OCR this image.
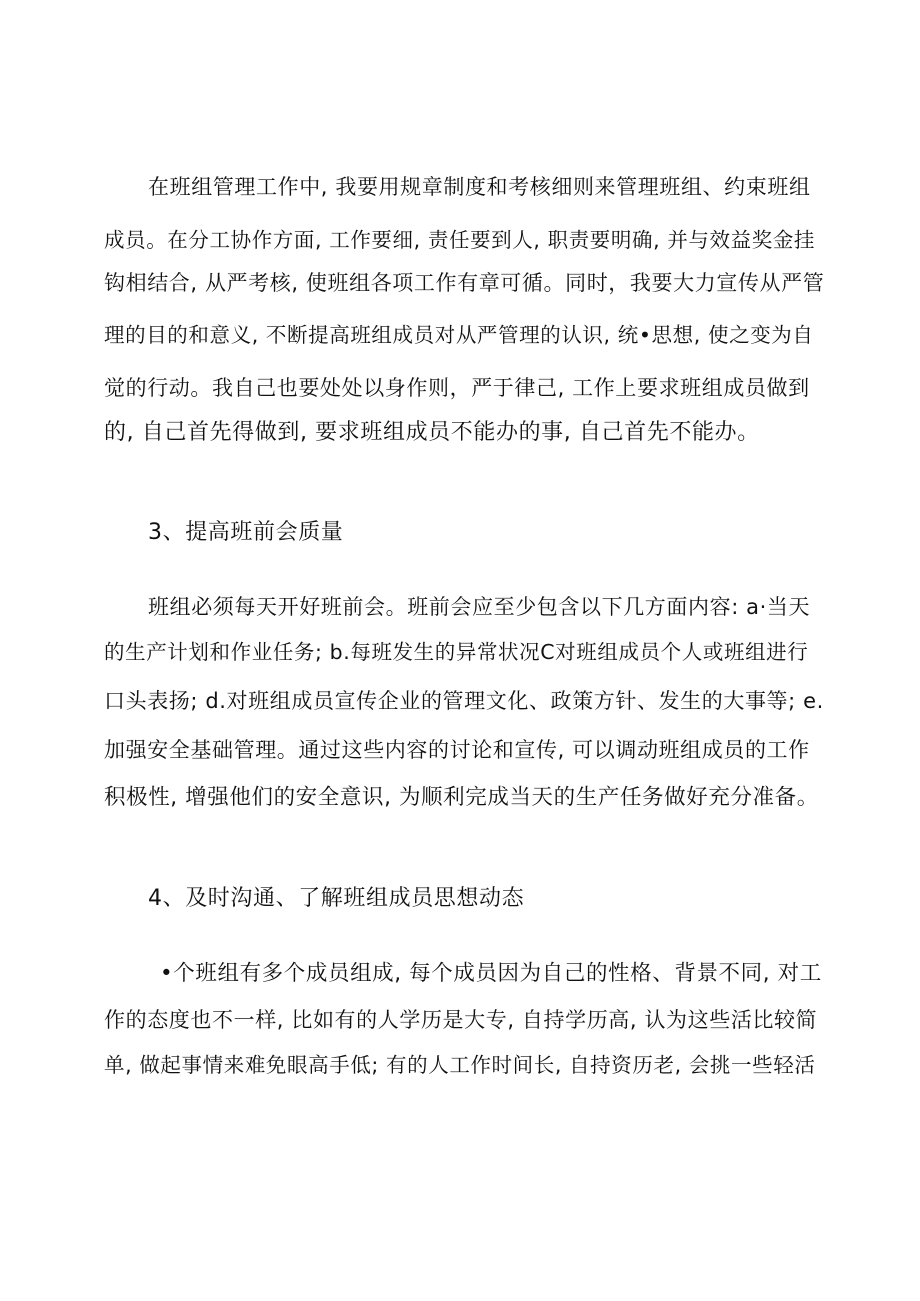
在班组管理工作中, 我要用规章制度和考核细则来管理班组、约束班组
成员。在分工协作方面, 工作要细, 责任要到人, 职责要明确, 并与效益奖金挂
钩相结合, 从严考核, 使班组各项工作有章可循。同时，我要大力宣传从严管
理的目的和意义, 不断提高班组成员对从严管理的认识, 统•思想, 使之变为自
觉的行动。我自己也要处处以身作则，严于律己, 工作上要求班组成员做到
的, 自己首先得做到, 要求班组成员不能办的事, 自己首先不能办。
3、提高班前会质量
班组必须每天开好班前会。班前会应至少包含以下几方面内容: a·当天
的生产计划和作业任务; b.每班发生的异常状况C对班组成员个人或班组进行
口头表扬; d.对班组成员宣传企业的管理文化、政策方针、发生的大事等; e.
加强安全基础管理。通过这些内容的讨论和宣传, 可以调动班组成员的工作
积极性, 增强他们的安全意识, 为顺利完成当天的生产任务做好充分准备。
4、及时沟通、了解班组成员思想动态
•个班组有多个成员组成, 每个成员因为自己的性格、背景不同, 对工
作的态度也不一样, 比如有的人学历是大专, 自持学历高, 认为这些活比较简
单, 做起事情来难免眼高手低; 有的人工作时间长, 自持资历老, 会挑一些轻活
